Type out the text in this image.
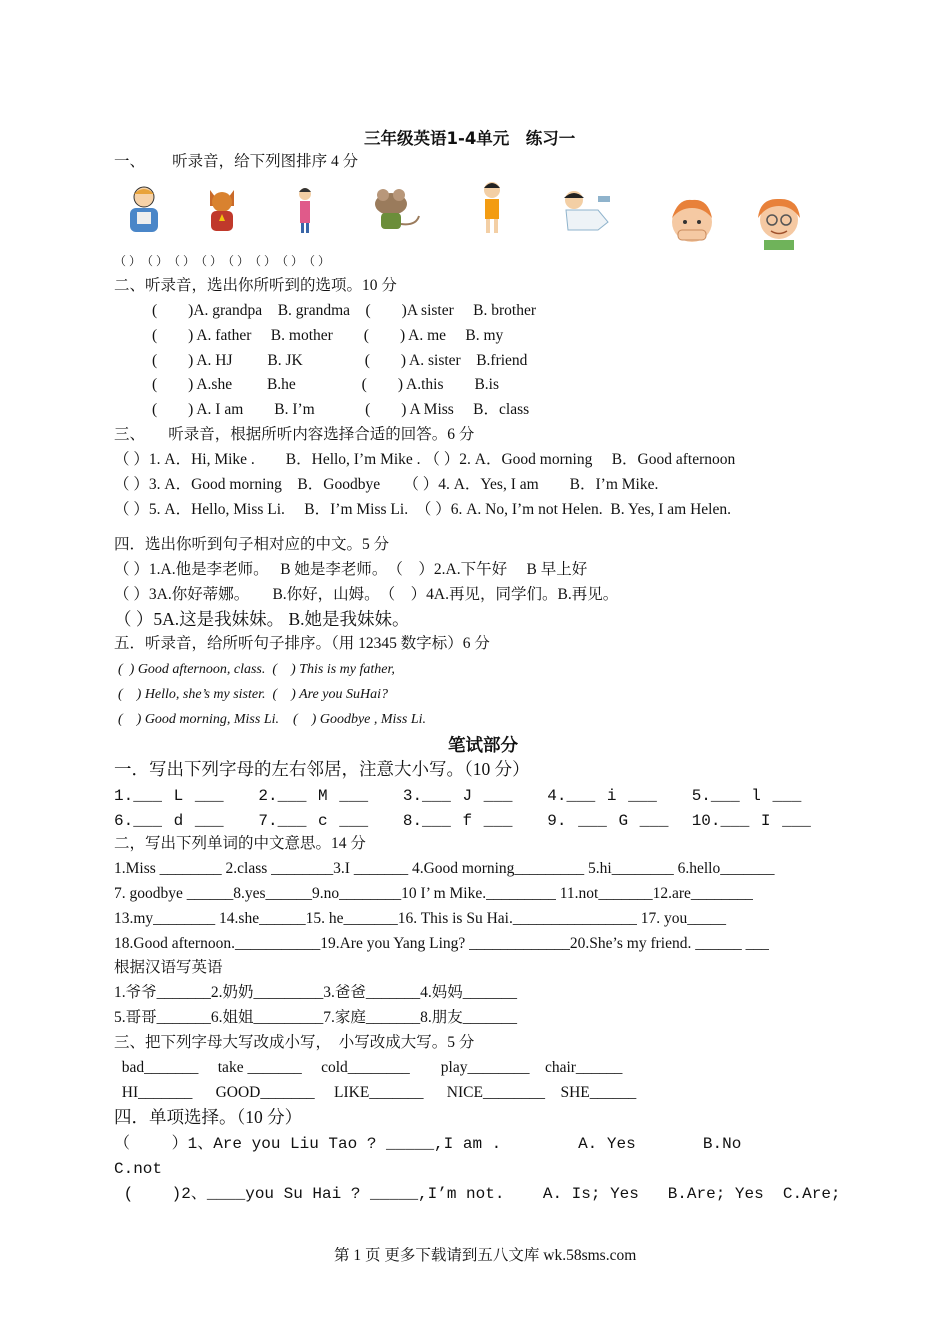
三年级英语1-4单元　练习一
一、　　 听录音，给下列图排序 4 分
（ ）　（ ）　（ ）　（ ）　（ ）　（ ）　（ ）　（ ）
二、听录音，选出你所听到的选项。10 分
(　　)A. grandpa　B. grandma　(　　)A sister　 B. brother
(　　) A. father　 B. mother　　(　　) A. me　 B. my
(　　) A. HJ　　 B. JK　　　　(　　) A. sister　B.friend
(　　) A.she　　 B.he　　　　 (　　) A.this　　B.is
(　　) A. I am　　B. I’m　　　 (　　) A Miss　 B．class
三、　　听录音，根据所听内容选择合适的回答。6 分
（ ）1. A．Hi, Mike .　　B．Hello, I’m Mike . （ ）2. A．Good morning　 B．Good afternoon
（ ）3. A．Good morning　B．Goodbye　　（ ）4. A．Yes, I am　　B．I’m Mike.
（ ）5. A．Hello, Miss Li.　 B．I’m Miss Li.　（ ）6. A. No, I’m not Helen.  B. Yes, I am Helen.
四．选出你听到句子相对应的中文。5 分
（ ）1.A.他是李老师。　 B 她是李老师。　（　）2.A.下午好　 B 早上好
（ ）3A.你好蒂娜。　　B.你好，山姆。　（　）4A.再见，同学们。B.再见。
（ ）5A.这是我妹妹。 B.她是我妹妹。
五．听录音，给所听句子排序。（用 12345 数字标）6 分
(  ) Good afternoon, class.  (　) This is my father,
(　) Hello, she’s my sister.  (　) Are you SuHai?
(　) Good morning, Miss Li.　(　) Goodbye , Miss Li.
笔试部分
一．写出下列字母的左右邻居，注意大小写。（10 分）
1.___ L ___   2.___ M ___   3.___ J ___   4.___ i ___   5.___ l ___
6.___ d ___   7.___ c ___   8.___ f ___   9. ___ G ___  10.___ I ___
二，写出下列单词的中文意思。14 分
1.Miss ________ 2.class ________3.I _______ 4.Good morning_________ 5.hi________ 6.hello_______
7. goodbye ______8.yes______9.no________10 I’ m Mike._________ 11.not_______12.are________
13.my________ 14.she______15. he_______16. This is Su Hai.________________ 17. you_____
18.Good afternoon.___________19.Are you Yang Ling? _____________20.She’s my friend. ______ ___
根据汉语写英语
1.爷爷_______2.奶奶_________3.爸爸_______4.妈妈_______
5.哥哥_______6.姐姐_________7.家庭_______8.朋友_______
三、把下列字母大写改成小写，　小写改成大写。5 分
bad_______　 take _______　 cold________　　play________　chair______
HI_______　  GOOD_______　 LIKE_______　  NICE________　SHE______
四．单项选择。（10 分）
（　　 ）1、Are you Liu Tao ? _____,I am .        A. Yes       B.No
C.not
(    )2、____you Su Hai ? _____,I’m not.    A. Is; Yes   B.Are; Yes  C.Are;
第 1 页 更多下载请到五八文库 wk.58sms.com
